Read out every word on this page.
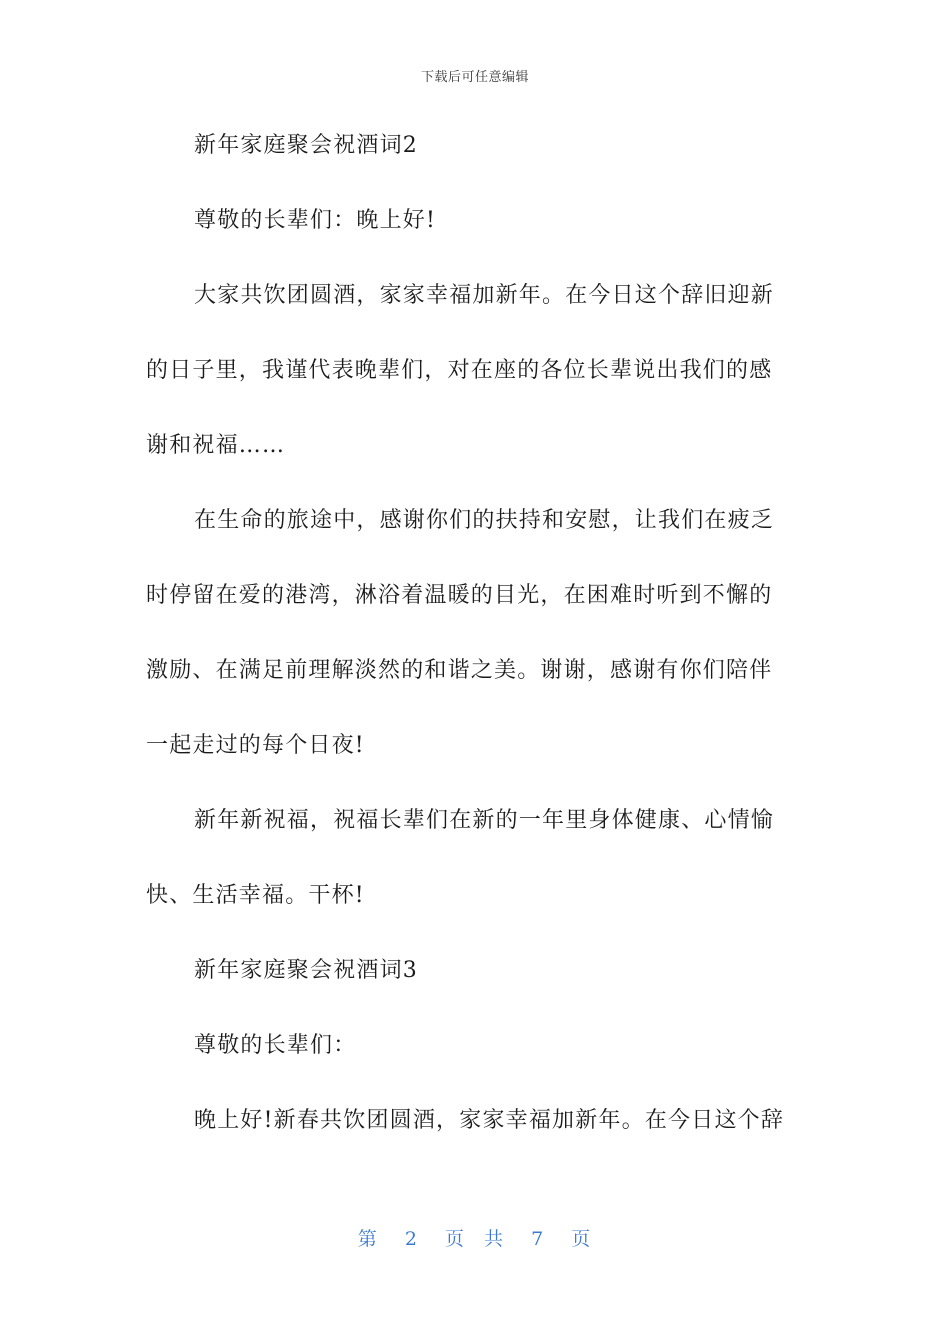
下载后可任意编辑
新年家庭聚会祝酒词2
尊敬的长辈们：晚上好!
大家共饮团圆酒，家家幸福加新年。在今日这个辞旧迎新
的日子里，我谨代表晚辈们，对在座的各位长辈说出我们的感
谢和祝福……
在生命的旅途中，感谢你们的扶持和安慰，让我们在疲乏
时停留在爱的港湾，淋浴着温暖的目光，在困难时听到不懈的
激励、在满足前理解淡然的和谐之美。谢谢，感谢有你们陪伴
一起走过的每个日夜!
新年新祝福，祝福长辈们在新的一年里身体健康、心情愉
快、生活幸福。干杯!
新年家庭聚会祝酒词3
尊敬的长辈们：
晚上好!新春共饮团圆酒，家家幸福加新年。在今日这个辞
第 2 页 共 7 页
